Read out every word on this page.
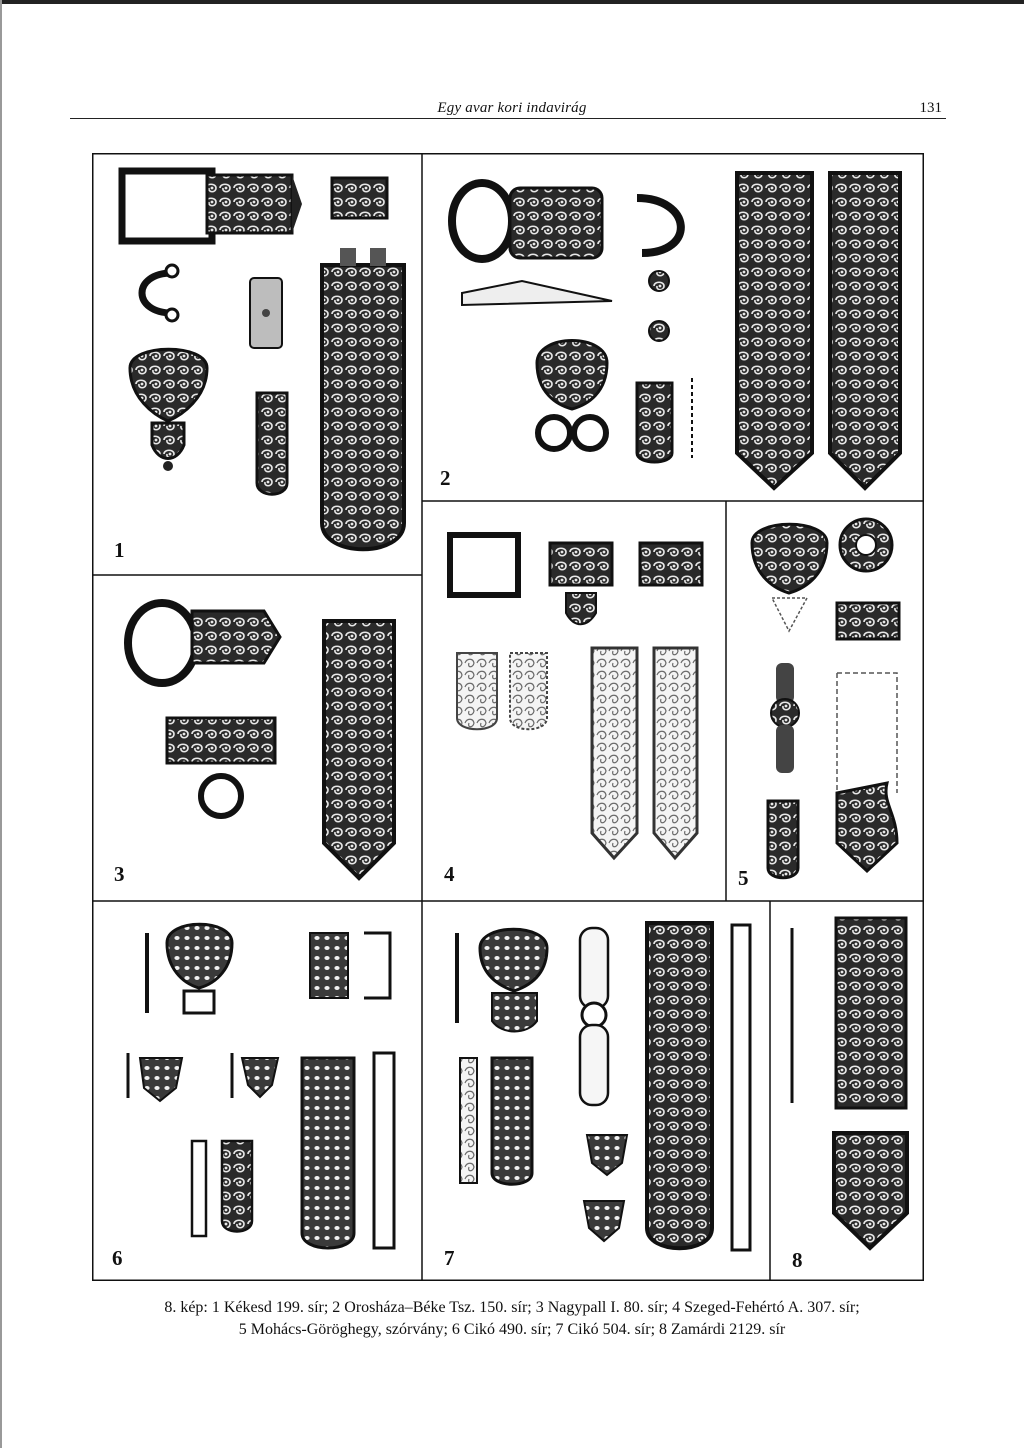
Egy avar kori indavirág	131
1
2
3	4	5
6	7	8
8. kép: 1 Kékesd 199. sír; 2 Orosháza–Béke Tsz. 150. sír; 3 Nagypall I. 80. sír; 4 Szeged-Fehértó A. 307. sír;
5 Mohács-Göröghegy, szórvány; 6 Cikó 490. sír; 7 Cikó 504. sír; 8 Zamárdi 2129. sír
